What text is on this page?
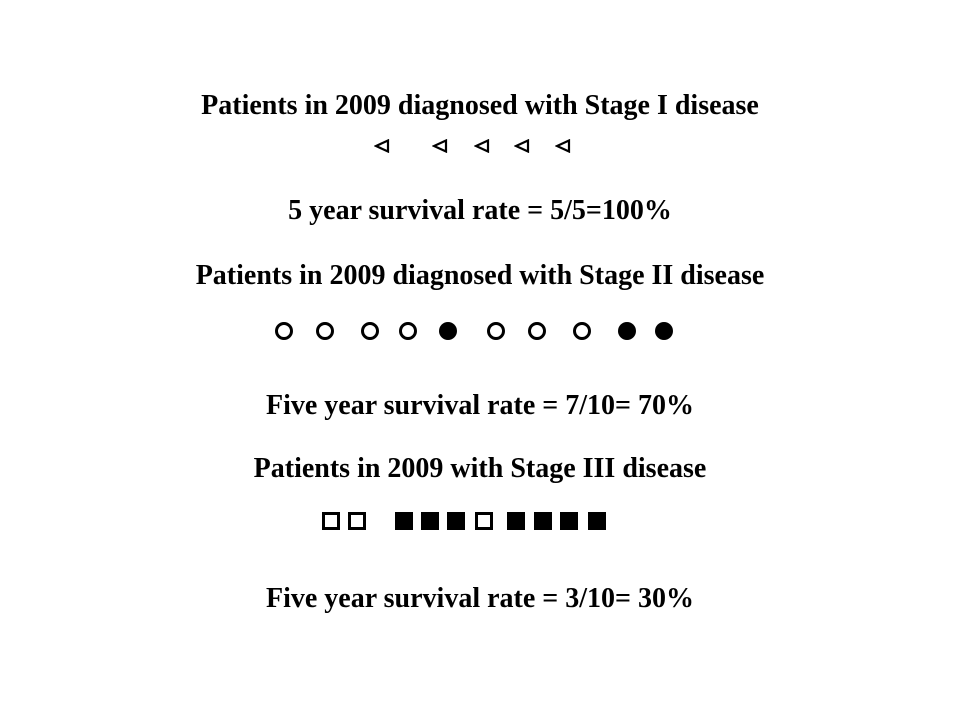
Patients in 2009 diagnosed with Stage I disease
5 year survival rate = 5/5=100%
Patients in 2009 diagnosed with Stage II disease
Five year survival rate = 7/10= 70%
Patients in 2009 with Stage III disease
Five year survival rate = 3/10= 30%
